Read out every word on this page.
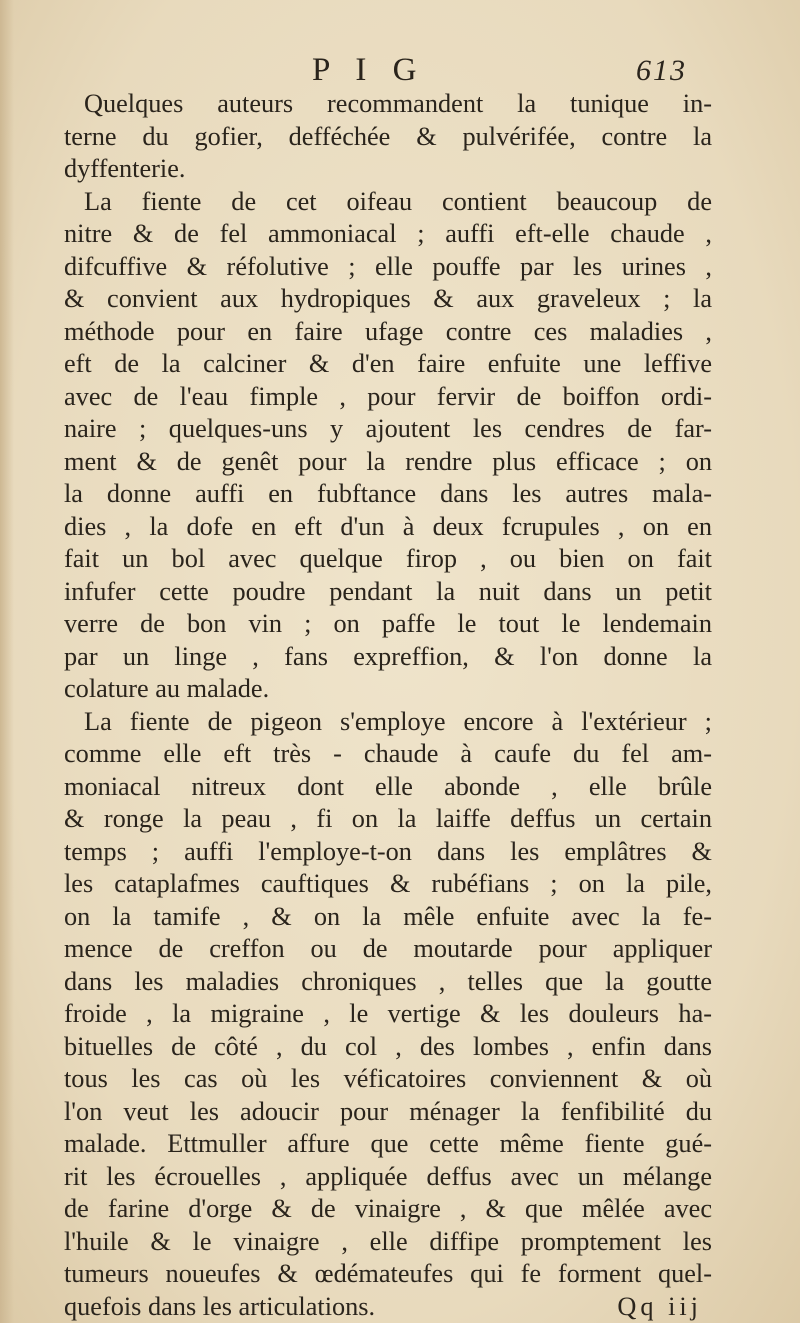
P I G	613
Quelques auteurs recommandent la tunique in-
terne du gofier, defféchée & pulvérifée, contre la
dyffenterie.
La fiente de cet oifeau contient beaucoup de
nitre & de fel ammoniacal ; auffi eft-elle chaude ,
difcuffive & réfolutive ; elle pouffe par les urines ,
& convient aux hydropiques & aux graveleux ; la
méthode pour en faire ufage contre ces maladies ,
eft de la calciner & d'en faire enfuite une leffive
avec de l'eau fimple , pour fervir de boiffon ordi-
naire ; quelques-uns y ajoutent les cendres de far-
ment & de genêt pour la rendre plus efficace ; on
la donne auffi en fubftance dans les autres mala-
dies , la dofe en eft d'un à deux fcrupules , on en
fait un bol avec quelque firop , ou bien on fait
infufer cette poudre pendant la nuit dans un petit
verre de bon vin ; on paffe le tout le lendemain
par un linge , fans expreffion, & l'on donne la
colature au malade.
La fiente de pigeon s'employe encore à l'extérieur ;
comme elle eft très - chaude à caufe du fel am-
moniacal nitreux dont elle abonde , elle brûle
& ronge la peau , fi on la laiffe deffus un certain
temps ; auffi l'employe-t-on dans les emplâtres &
les cataplafmes cauftiques & rubéfians ; on la pile,
on la tamife , & on la mêle enfuite avec la fe-
mence de creffon ou de moutarde pour appliquer
dans les maladies chroniques , telles que la goutte
froide , la migraine , le vertige & les douleurs ha-
bituelles de côté , du col , des lombes , enfin dans
tous les cas où les véficatoires conviennent & où
l'on veut les adoucir pour ménager la fenfibilité du
malade. Ettmuller affure que cette même fiente gué-
rit les écrouelles , appliquée deffus avec un mélange
de farine d'orge & de vinaigre , & que mêlée avec
l'huile & le vinaigre , elle diffipe promptement les
tumeurs noueufes & œdémateufes qui fe forment quel-
quefois dans les articulations.	Qq iij
